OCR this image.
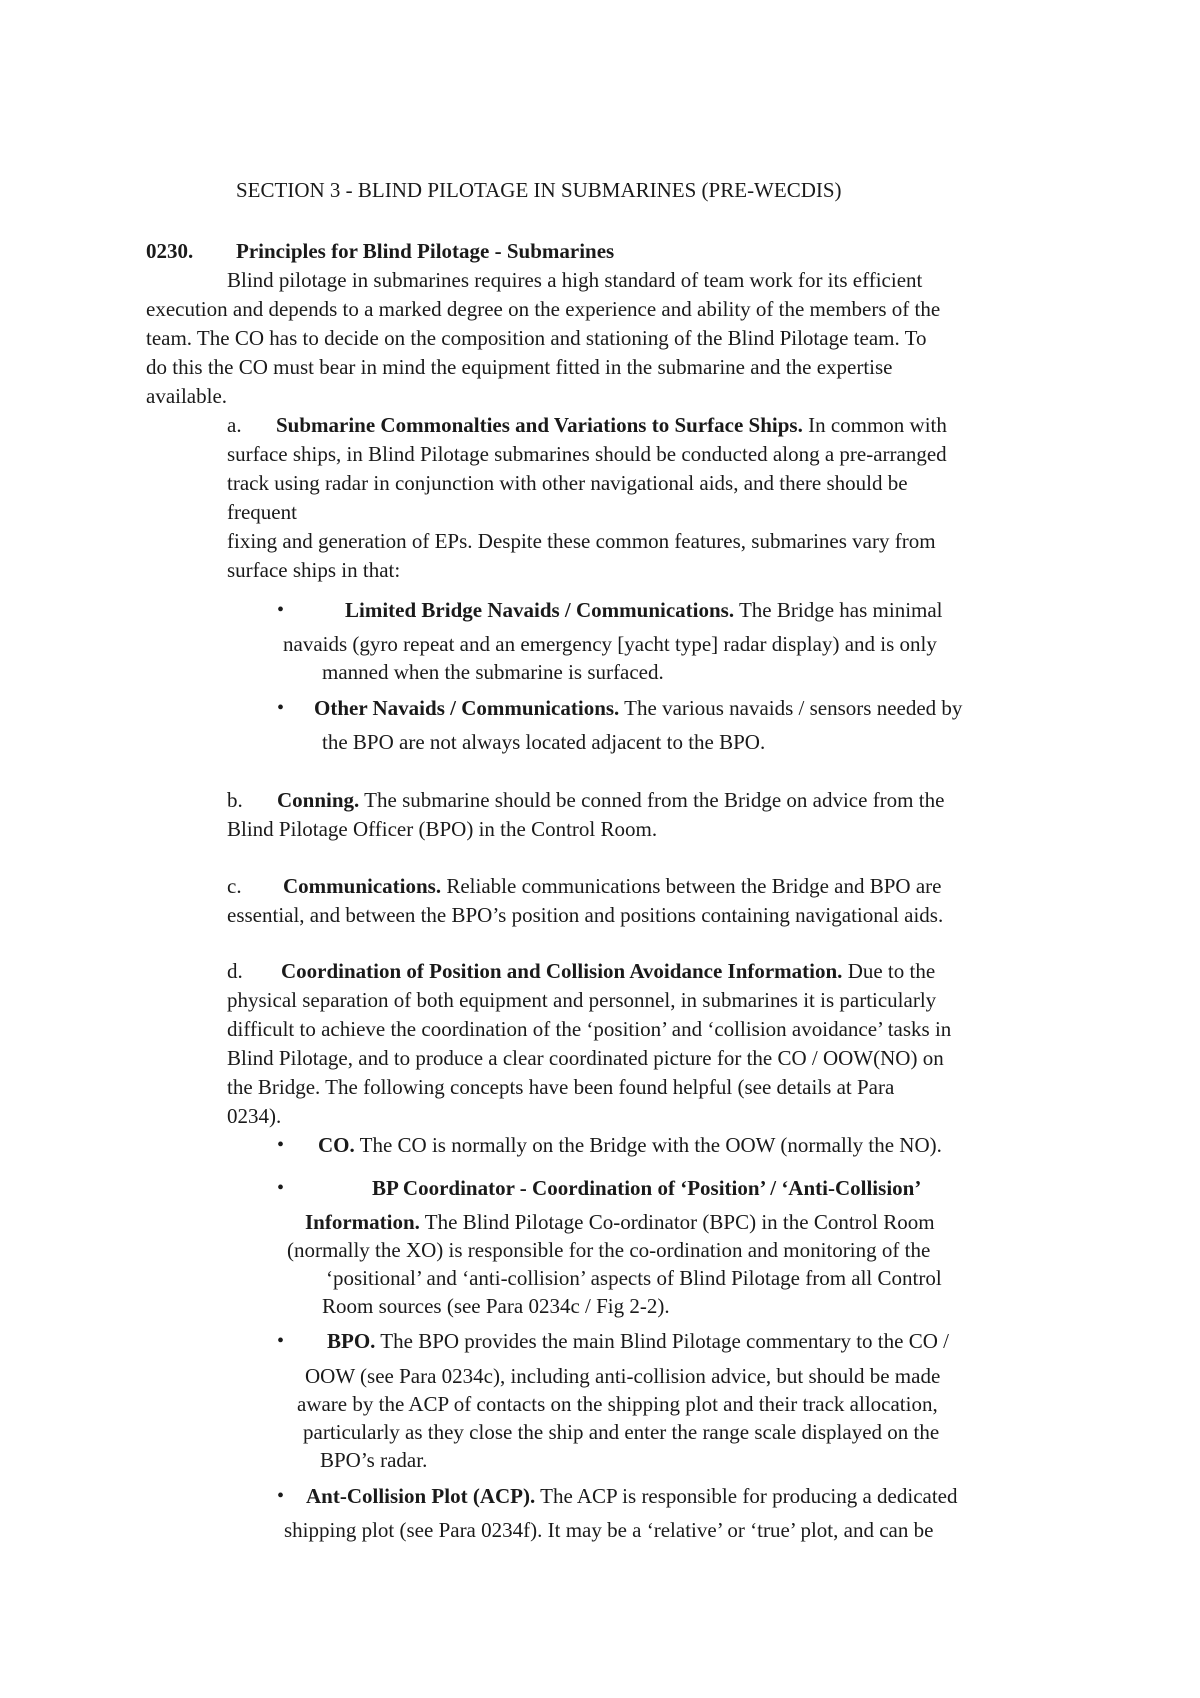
SECTION 3 - BLIND PILOTAGE IN SUBMARINES (PRE-WECDIS)
0230. Principles for Blind Pilotage - Submarines
Blind pilotage in submarines requires a high standard of team work for its efficient
execution and depends to a marked degree on the experience and ability of the members of the
team. The CO has to decide on the composition and stationing of the Blind Pilotage team. To
do this the CO must bear in mind the equipment fitted in the submarine and the expertise
available.
a. Submarine Commonalties and Variations to Surface Ships. In common with
surface ships, in Blind Pilotage submarines should be conducted along a pre-arranged
track using radar in conjunction with other navigational aids, and there should be
frequent
fixing and generation of EPs. Despite these common features, submarines vary from
surface ships in that:
•	Limited Bridge Navaids / Communications. The Bridge has minimal
navaids (gyro repeat and an emergency [yacht type] radar display) and is only
manned when the submarine is surfaced.
• Other Navaids / Communications. The various navaids / sensors needed by
the BPO are not always located adjacent to the BPO.
b. Conning. The submarine should be conned from the Bridge on advice from the
Blind Pilotage Officer (BPO) in the Control Room.
c. Communications. Reliable communications between the Bridge and BPO are
essential, and between the BPO’s position and positions containing navigational aids.
d. Coordination of Position and Collision Avoidance Information. Due to the
physical separation of both equipment and personnel, in submarines it is particularly
difficult to achieve the coordination of the ‘position’ and ‘collision avoidance’ tasks in
Blind Pilotage, and to produce a clear coordinated picture for the CO / OOW(NO) on
the Bridge. The following concepts have been found helpful (see details at Para
0234).
• CO. The CO is normally on the Bridge with the OOW (normally the NO).
•	BP Coordinator - Coordination of ‘Position’ / ‘Anti-Collision’
Information. The Blind Pilotage Co-ordinator (BPC) in the Control Room
(normally the XO) is responsible for the co-ordination and monitoring of the
‘positional’ and ‘anti-collision’ aspects of Blind Pilotage from all Control
Room sources (see Para 0234c / Fig 2-2).
• BPO. The BPO provides the main Blind Pilotage commentary to the CO /
OOW (see Para 0234c), including anti-collision advice, but should be made
aware by the ACP of contacts on the shipping plot and their track allocation,
particularly as they close the ship and enter the range scale displayed on the
BPO’s radar.
• Ant-Collision Plot (ACP). The ACP is responsible for producing a dedicated
shipping plot (see Para 0234f). It may be a ‘relative’ or ‘true’ plot, and can be
